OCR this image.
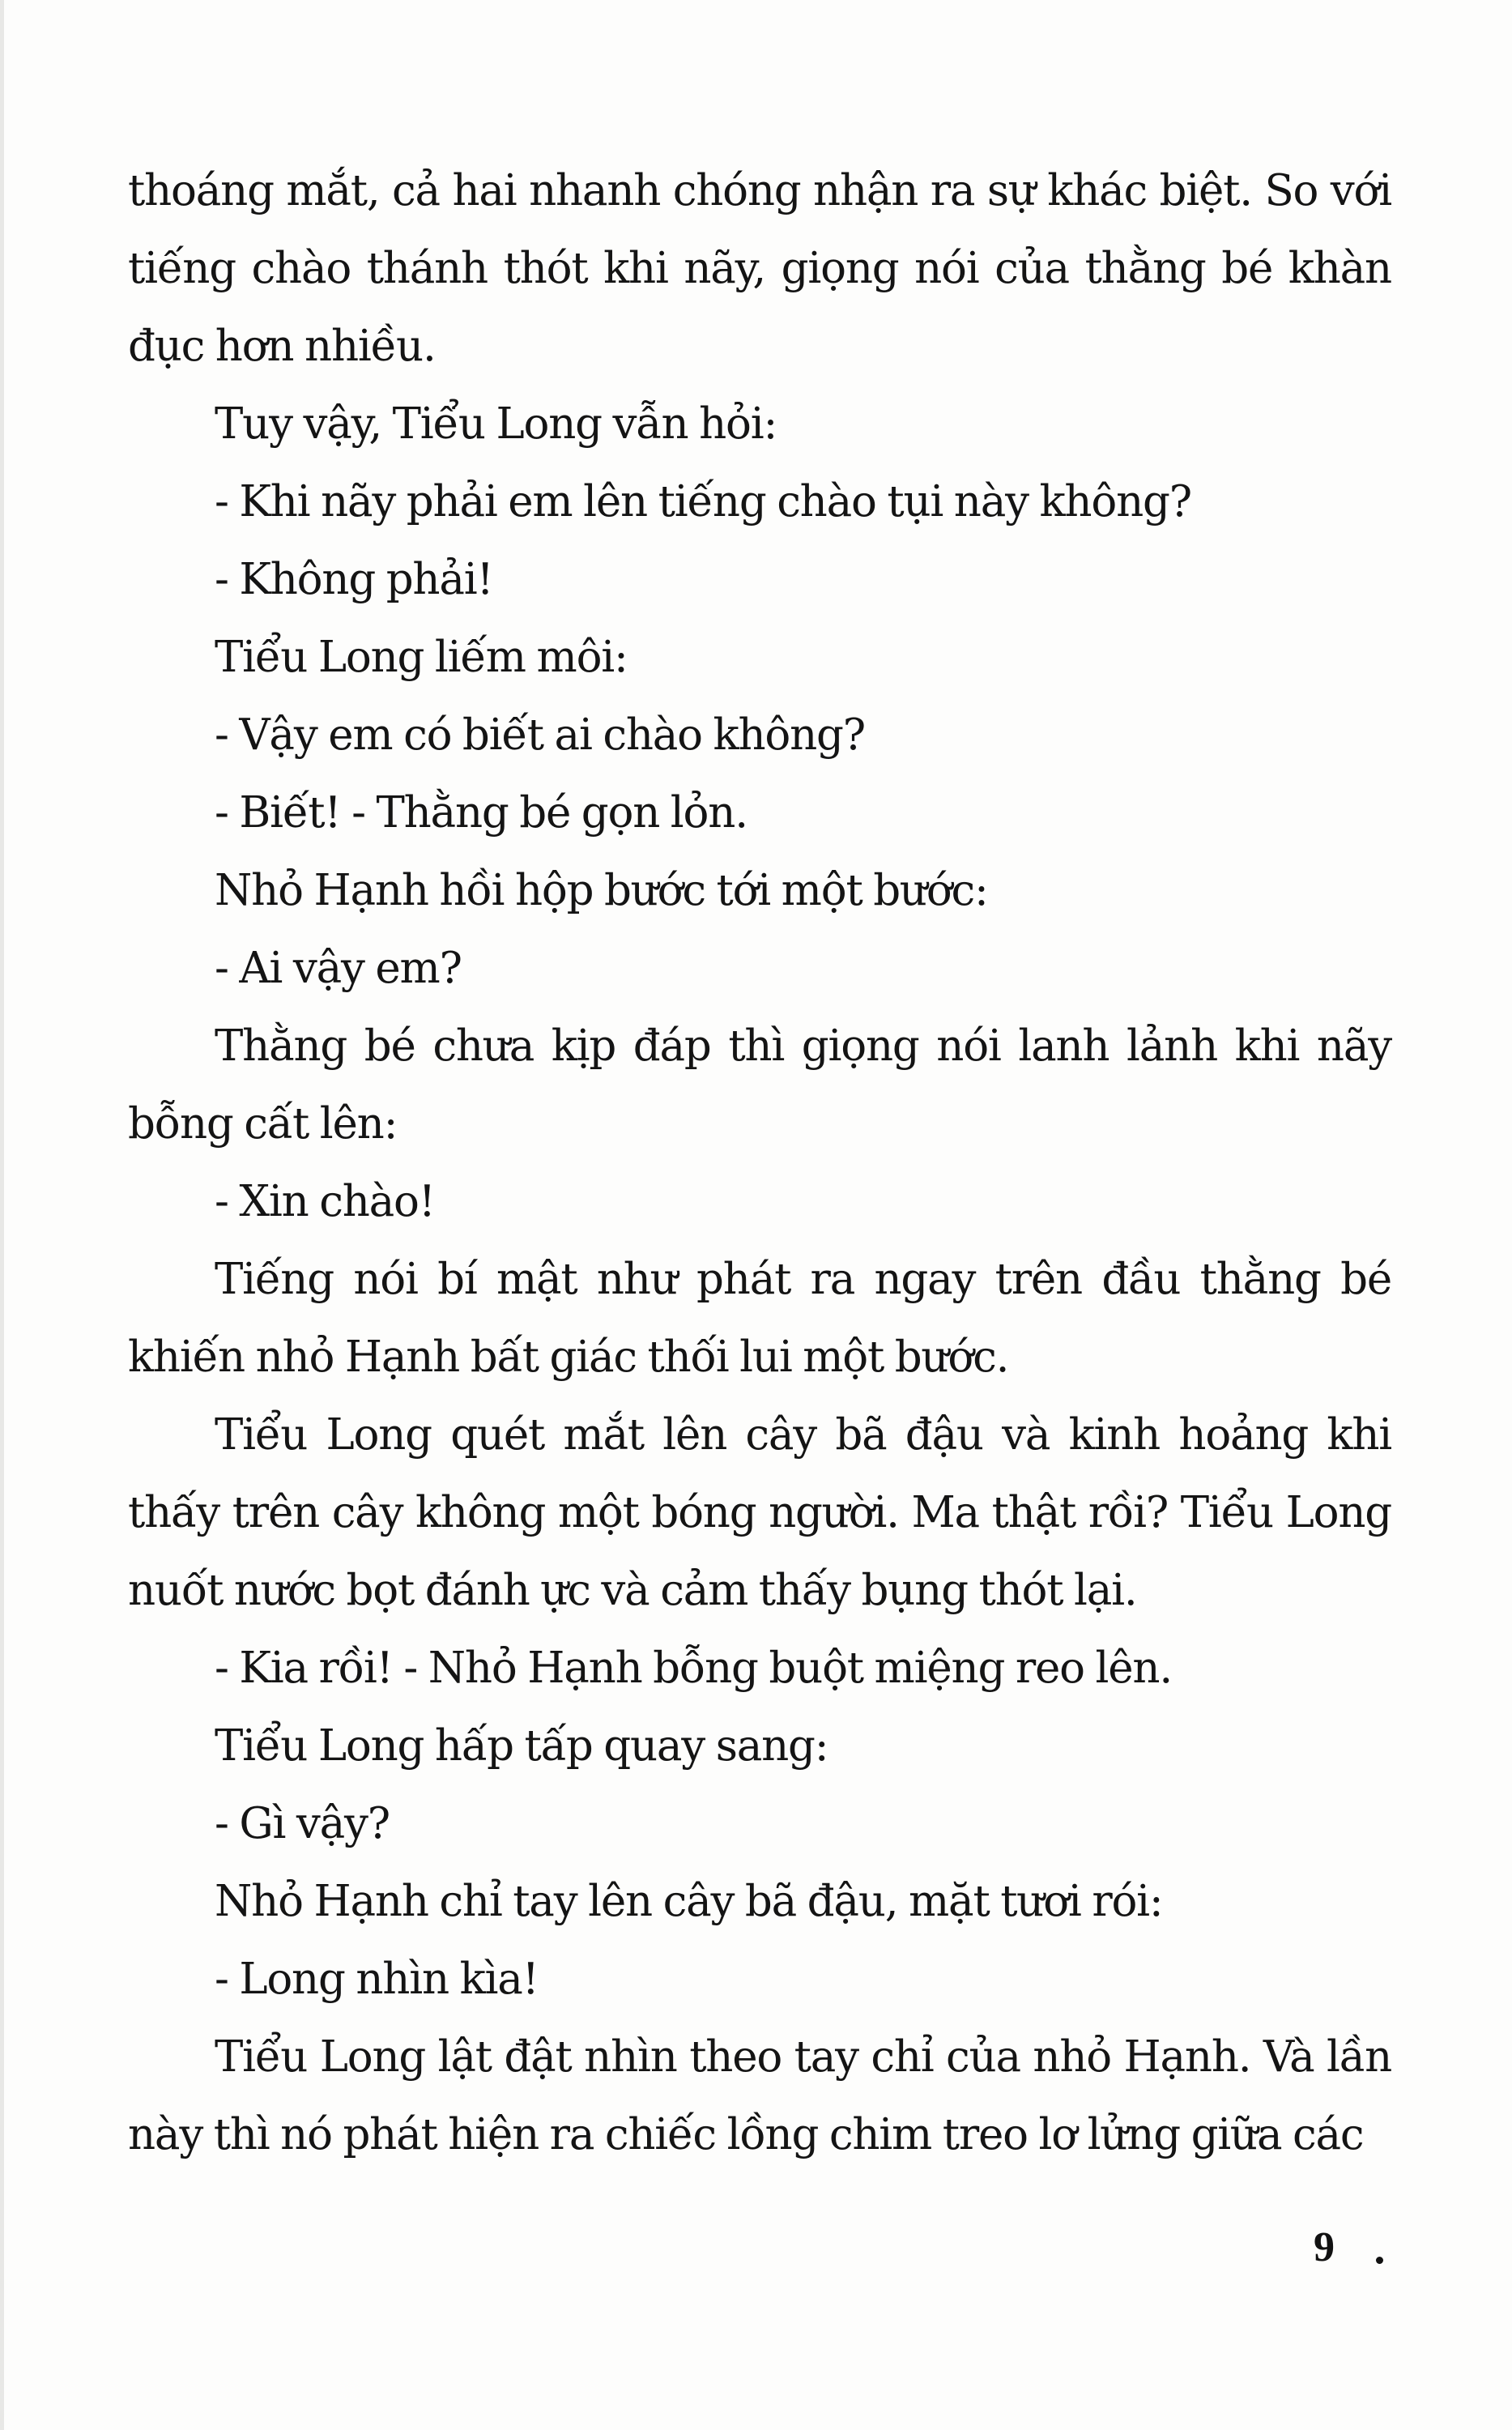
thoáng mắt, cả hai nhanh chóng nhận ra sự khác biệt. So với tiếng chào thánh thót khi nãy, giọng nói của thằng bé khàn đục hơn nhiều.

Tuy vậy, Tiểu Long vẫn hỏi:

- Khi nãy phải em lên tiếng chào tụi này không?

- Không phải!

Tiểu Long liếm môi:

- Vậy em có biết ai chào không?

- Biết! - Thằng bé gọn lỏn.

Nhỏ Hạnh hồi hộp bước tới một bước:

- Ai vậy em?

Thằng bé chưa kịp đáp thì giọng nói lanh lảnh khi nãy bỗng cất lên:

- Xin chào!

Tiếng nói bí mật như phát ra ngay trên đầu thằng bé khiến nhỏ Hạnh bất giác thối lui một bước.

Tiểu Long quét mắt lên cây bã đậu và kinh hoảng khi thấy trên cây không một bóng người. Ma thật rồi? Tiểu Long nuốt nước bọt đánh ực và cảm thấy bụng thót lại.

- Kia rồi! - Nhỏ Hạnh bỗng buột miệng reo lên.

Tiểu Long hấp tấp quay sang:

- Gì vậy?

Nhỏ Hạnh chỉ tay lên cây bã đậu, mặt tươi rói:

- Long nhìn kìa!

Tiểu Long lật đật nhìn theo tay chỉ của nhỏ Hạnh. Và lần này thì nó phát hiện ra chiếc lồng chim treo lơ lửng giữa các

9
